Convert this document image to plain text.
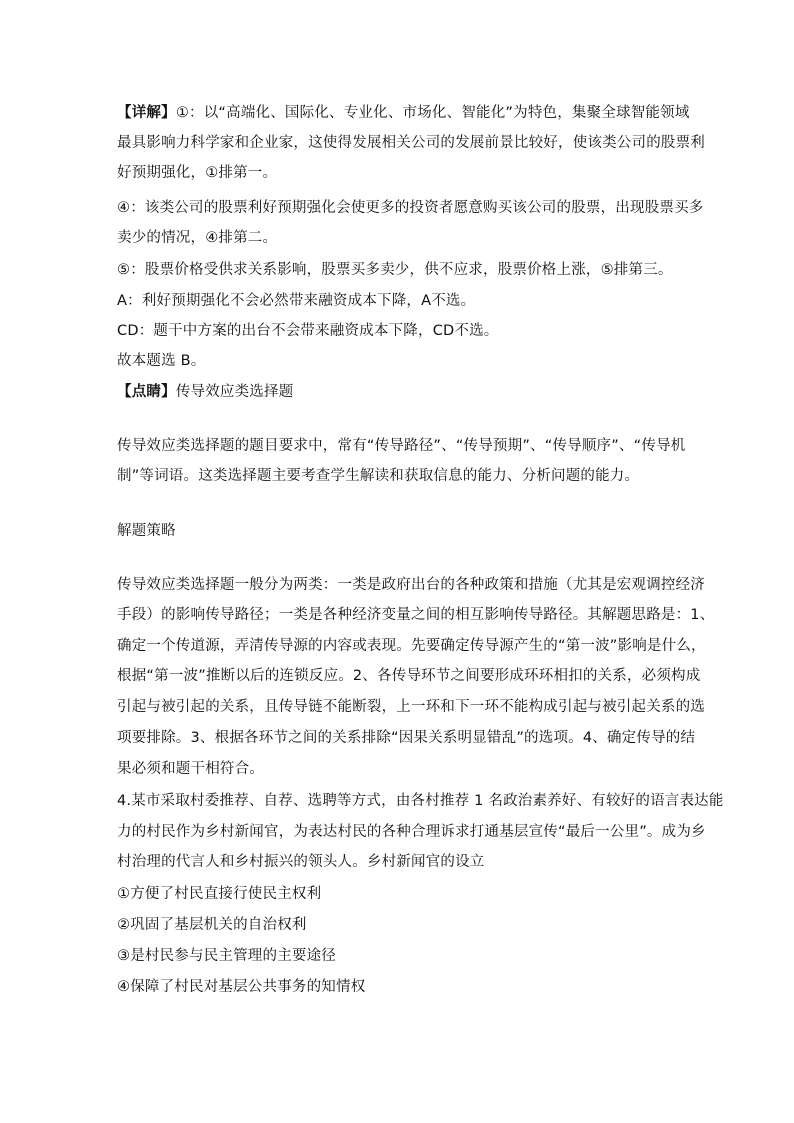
【详解】①：以“高端化、国际化、专业化、市场化、智能化”为特色，集聚全球智能领域
最具影响力科学家和企业家，这使得发展相关公司的发展前景比较好，使该类公司的股票利
好预期强化，①排第一。
④：该类公司的股票利好预期强化会使更多的投资者愿意购买该公司的股票，出现股票买多
卖少的情况，④排第二。
⑤：股票价格受供求关系影响，股票买多卖少，供不应求，股票价格上涨，⑤排第三。
A：利好预期强化不会必然带来融资成本下降，A不选。
CD：题干中方案的出台不会带来融资成本下降，CD不选。
故本题选 B。
【点睛】传导效应类选择题
传导效应类选择题的题目要求中，常有“传导路径”、“传导预期”、“传导顺序”、“传导机
制”等词语。这类选择题主要考查学生解读和获取信息的能力、分析问题的能力。
解题策略
传导效应类选择题一般分为两类：一类是政府出台的各种政策和措施（尤其是宏观调控经济
手段）的影响传导路径；一类是各种经济变量之间的相互影响传导路径。其解题思路是：1、
确定一个传道源，弄清传导源的内容或表现。先要确定传导源产生的“第一波”影响是什么，
根据“第一波”推断以后的连锁反应。2、各传导环节之间要形成环环相扣的关系，必须构成
引起与被引起的关系，且传导链不能断裂，上一环和下一环不能构成引起与被引起关系的选
项要排除。3、根据各环节之间的关系排除“因果关系明显错乱”的选项。4、确定传导的结
果必须和题干相符合。
4.某市采取村委推荐、自荐、选聘等方式，由各村推荐 1 名政治素养好、有较好的语言表达能
力的村民作为乡村新闻官，为表达村民的各种合理诉求打通基层宣传“最后一公里”。成为乡
村治理的代言人和乡村振兴的领头人。乡村新闻官的设立
①方便了村民直接行使民主权利
②巩固了基层机关的自治权利
③是村民参与民主管理的主要途径
④保障了村民对基层公共事务的知情权
